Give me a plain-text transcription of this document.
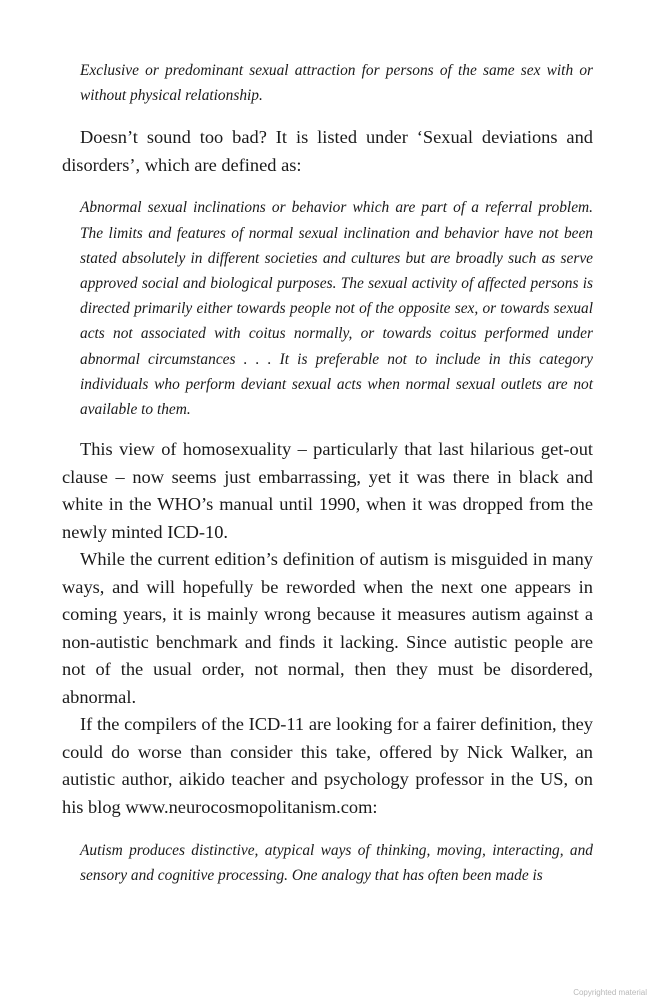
Exclusive or predominant sexual attraction for persons of the same sex with or without physical relationship.

Doesn’t sound too bad? It is listed under ‘Sexual deviations and disorders’, which are defined as:

Abnormal sexual inclinations or behavior which are part of a referral problem. The limits and features of normal sexual inclination and behavior have not been stated absolutely in different societies and cultures but are broadly such as serve approved social and biological purposes. The sexual activity of affected persons is directed primarily either towards people not of the opposite sex, or towards sexual acts not associated with coitus normally, or towards coitus performed under abnormal circumstances . . . It is preferable not to include in this category individuals who perform deviant sexual acts when normal sexual outlets are not available to them.

This view of homosexuality – particularly that last hilarious get-out clause – now seems just embarrassing, yet it was there in black and white in the WHO’s manual until 1990, when it was dropped from the newly minted ICD-10.

While the current edition’s definition of autism is misguided in many ways, and will hopefully be reworded when the next one appears in coming years, it is mainly wrong because it measures autism against a non-autistic benchmark and finds it lacking. Since autistic people are not of the usual order, not normal, then they must be disordered, abnormal.

If the compilers of the ICD-11 are looking for a fairer definition, they could do worse than consider this take, offered by Nick Walker, an autistic author, aikido teacher and psychology professor in the US, on his blog www.neurocosmopolitanism.com:

Autism produces distinctive, atypical ways of thinking, moving, interacting, and sensory and cognitive processing. One analogy that has often been made is

Copyrighted material
